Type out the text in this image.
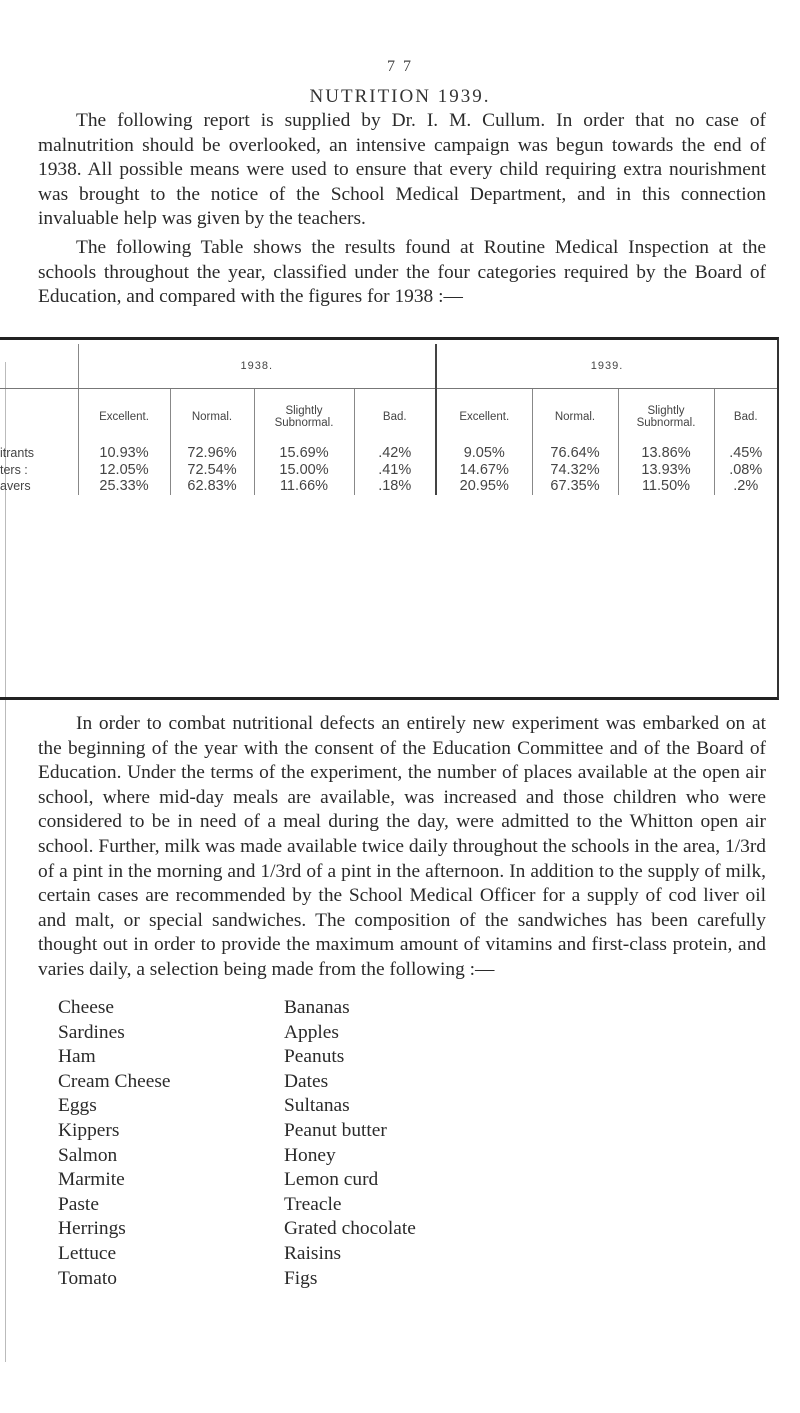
7 7
NUTRITION 1939.

The following report is supplied by Dr. I. M. Cullum. In order that no case of malnutrition should be overlooked, an intensive campaign was begun towards the end of 1938. All possible means were used to ensure that every child requiring extra nourishment was brought to the notice of the School Medical Department, and in this connection invaluable help was given by the teachers.

The following Table shows the results found at Routine Medical Inspection at the schools throughout the year, classified under the four categories required by the Board of Education, and compared with the figures for 1938 :—

	1938.				1939.			
	Excellent.	Normal.	Slightly Subnormal.	Bad.	Excellent.	Normal.	Slightly Subnormal.	Bad.
itrants	10.93%	72.96%	15.69%	.42%	9.05%	76.64%	13.86%	.45%
ters :	12.05%	72.54%	15.00%	.41%	14.67%	74.32%	13.93%	.08%
avers	25.33%	62.83%	11.66%	.18%	20.95%	67.35%	11.50%	.2%

In order to combat nutritional defects an entirely new experiment was embarked on at the beginning of the year with the consent of the Education Committee and of the Board of Education. Under the terms of the experiment, the number of places available at the open air school, where mid-day meals are available, was increased and those children who were considered to be in need of a meal during the day, were admitted to the Whitton open air school. Further, milk was made available twice daily throughout the schools in the area, 1/3rd of a pint in the morning and 1/3rd of a pint in the afternoon. In addition to the supply of milk, certain cases are recommended by the School Medical Officer for a supply of cod liver oil and malt, or special sandwiches. The composition of the sandwiches has been carefully thought out in order to provide the maximum amount of vitamins and first-class protein, and varies daily, a selection being made from the following :—

Cheese
Sardines
Ham
Cream Cheese
Eggs
Kippers
Salmon
Marmite
Paste
Herrings
Lettuce
Tomato
Bananas
Apples
Peanuts
Dates
Sultanas
Peanut butter
Honey
Lemon curd
Treacle
Grated chocolate
Raisins
Figs
